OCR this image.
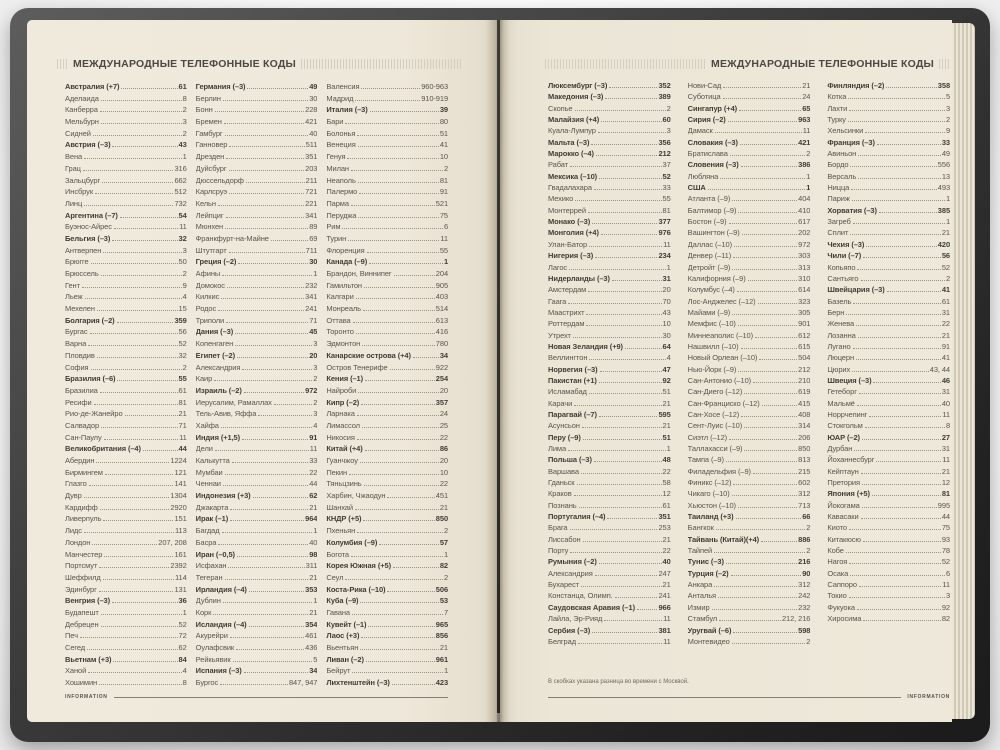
МЕЖДУНАРОДНЫЕ ТЕЛЕФОННЫЕ КОДЫ
Австралия (+7)	61
Аделаида	8
Канберра	2
Мельбурн	3
Сидней	2
Австрия (–3)	43
Вена	1
Грац	316
Зальцбург	662
Инсбрук	512
Линц	732
Аргентина (–7)	54
Буэнос-Айрес	11
Бельгия (–3)	32
Антверпен	3
Брюгге	50
Брюссель	2
Гент	9
Льеж	4
Мехелен	15
Болгария (–2)	359
Бургас	56
Варна	52
Пловдив	32
София	2
Бразилия (–6)	55
Бразилиа	61
Ресифи	81
Рио-де-Жанейро	21
Салвадор	71
Сан-Паулу	11
Великобритания (–4)	44
Абердин	1224
Бирмингем	121
Глазго	141
Дувр	1304
Кардифф	2920
Ливерпуль	151
Лидс	113
Лондон	207, 208
Манчестер	161
Портсмут	2392
Шеффилд	114
Эдинбург	131
Венгрия (–3)	36
Будапешт	1
Дебрецен	52
Печ	72
Сегед	62
Вьетнам (+3)	84
Ханой	4
Хошимин	8
Германия (–3)	49
Берлин	30
Бонн	228
Бремен	421
Гамбург	40
Ганновер	511
Дрезден	351
Дуйсбург	203
Дюссельдорф	211
Карлсруэ	721
Кельн	221
Лейпциг	341
Мюнхен	89
Франкфурт-на-Майне	69
Штутгарт	711
Греция (–2)	30
Афины	1
Домокос	232
Килкис	341
Родос	241
Триполи	71
Дания (–3)	45
Копенгаген	3
Египет (–2)	20
Александрия	3
Каир	2
Израиль (–2)	972
Иерусалим, Рамаллах	2
Тель-Авив, Яффа	3
Хайфа	4
Индия (+1,5)	91
Дели	11
Калькутта	33
Мумбаи	22
Ченнаи	44
Индонезия (+3)	62
Джакарта	21
Ирак (–1)	964
Багдад	1
Басра	40
Иран (–0,5)	98
Исфахан	311
Тегеран	21
Ирландия (–4)	353
Дублин	1
Корк	21
Исландия (–4)	354
Акурейри	461
Оулафсвик	436
Рейкьявик	5
Испания (–3)	34
Бургос	847, 947
Валенсия	960-963
Мадрид	910-919
Италия (–3)	39
Бари	80
Болонья	51
Венеция	41
Генуя	10
Милан	2
Неаполь	81
Палермо	91
Парма	521
Перуджа	75
Рим	6
Турин	11
Флоренция	55
Канада (–9)	1
Брандон, Виннипег	204
Гамильтон	905
Калгари	403
Монреаль	514
Оттава	613
Торонто	416
Эдмонтон	780
Канарские острова (+4)	34
Остров Тенерифе	922
Кения (–1)	254
Найроби	20
Кипр (–2)	357
Ларнака	24
Лимассол	25
Никосия	22
Китай (+4)	86
Гуанчжоу	20
Пекин	10
Тяньцзинь	22
Харбин, Чжаодун	451
Шанхай	21
КНДР (+5)	850
Пхеньян	2
Колумбия (–9)	57
Богота	1
Корея Южная (+5)	82
Сеул	2
Коста-Рика (–10)	506
Куба (–9)	53
Гавана	7
Кувейт (–1)	965
Лаос (+3)	856
Вьентьян	21
Ливан (–2)	961
Бейрут	1
Лихтенштейн (–3)	423
INFORMATION
МЕЖДУНАРОДНЫЕ ТЕЛЕФОННЫЕ КОДЫ
Люксембург (–3)	352
Македония (–3)	389
Скопье	2
Малайзия (+4)	60
Куала-Лумпур	3
Мальта (–3)	356
Марокко (–4)	212
Рабат	37
Мексика (–10)	52
Гвадалахара	33
Мехико	55
Монтеррей	81
Монако (–3)	377
Монголия (+4)	976
Улан-Батор	11
Нигерия (–3)	234
Лагос	1
Нидерланды (–3)	31
Амстердам	20
Гаага	70
Маастрихт	43
Роттердам	10
Утрехт	30
Новая Зеландия (+9)	64
Веллингтон	4
Норвегия (–3)	47
Пакистан (+1)	92
Исламабад	51
Карачи	21
Парагвай (–7)	595
Асунсьон	21
Перу (–9)	51
Лима	1
Польша (–3)	48
Варшава	22
Гданьск	58
Краков	12
Познань	61
Португалия (–4)	351
Брага	253
Лиссабон	21
Порту	22
Румыния (–2)	40
Александрия	247
Бухарест	21
Констанца, Олимп.	241
Саудовская Аравия (–1)	966
Лайла, Эр-Рияд	11
Сербия (–3)	381
Белград	11
Нови-Сад	21
Суботица	24
Сингапур (+4)	65
Сирия (–2)	963
Дамаск	11
Словакия (–3)	421
Братислава	2
Словения (–3)	386
Любляна	1
США	1
Атланта (–9)	404
Балтимор (–9)	410
Бостон (–9)	617
Вашингтон (–9)	202
Даллас (–10)	972
Денвер (–11)	303
Детройт (–9)	313
Калифорния (–9)	310
Колумбус (–4)	614
Лос-Анджелес (–12)	323
Майами (–9)	305
Мемфис (–10)	901
Миннеаполис (–10)	612
Нашвилл (–10)	615
Новый Орлеан (–10)	504
Нью-Йорк (–9)	212
Сан-Антонио (–10)	210
Сан-Диего (–12)	619
Сан-Франциско (–12)	415
Сан-Хосе (–12)	408
Сент-Луис (–10)	314
Сиэтл (–12)	206
Таллахасси (–9)	850
Тампа (–9)	813
Филадельфия (–9)	215
Финикс (–12)	602
Чикаго (–10)	312
Хьюстон (–10)	713
Таиланд (+3)	66
Бангкок	2
Тайвань (Китай)(+4)	886
Тайпей	2
Тунис (–3)	216
Турция (–2)	90
Анкара	312
Анталья	242
Измир	232
Стамбул	212, 216
Уругвай (–6)	598
Монтевидео	2
Финляндия (–2)	358
Котка	5
Лахти	3
Турку	2
Хельсинки	9
Франция (–3)	33
Авиньон	49
Бордо	556
Версаль	13
Ницца	493
Париж	1
Хорватия (–3)	385
Загреб	1
Сплит	21
Чехия (–3)	420
Чили (–7)	56
Копьяпо	52
Сантьяго	2
Швейцария (–3)	41
Базель	61
Берн	31
Женева	22
Лозанна	21
Лугано	91
Люцерн	41
Цюрих	43, 44
Швеция (–3)	46
Гетеборг	31
Мальмё	40
Норрчепинг	11
Стокгольм	8
ЮАР (–2)	27
Дурбан	31
Йоханнесбург	11
Кейптаун	21
Претория	12
Япония (+5)	81
Йокогама	995
Кавасаки	44
Киото	75
Китакюсю	93
Кобе	78
Нагоя	52
Осака	6
Саппоро	11
Токио	3
Фукуока	92
Хиросима	82
В скобках указана разница во времени с Москвой.
INFORMATION
